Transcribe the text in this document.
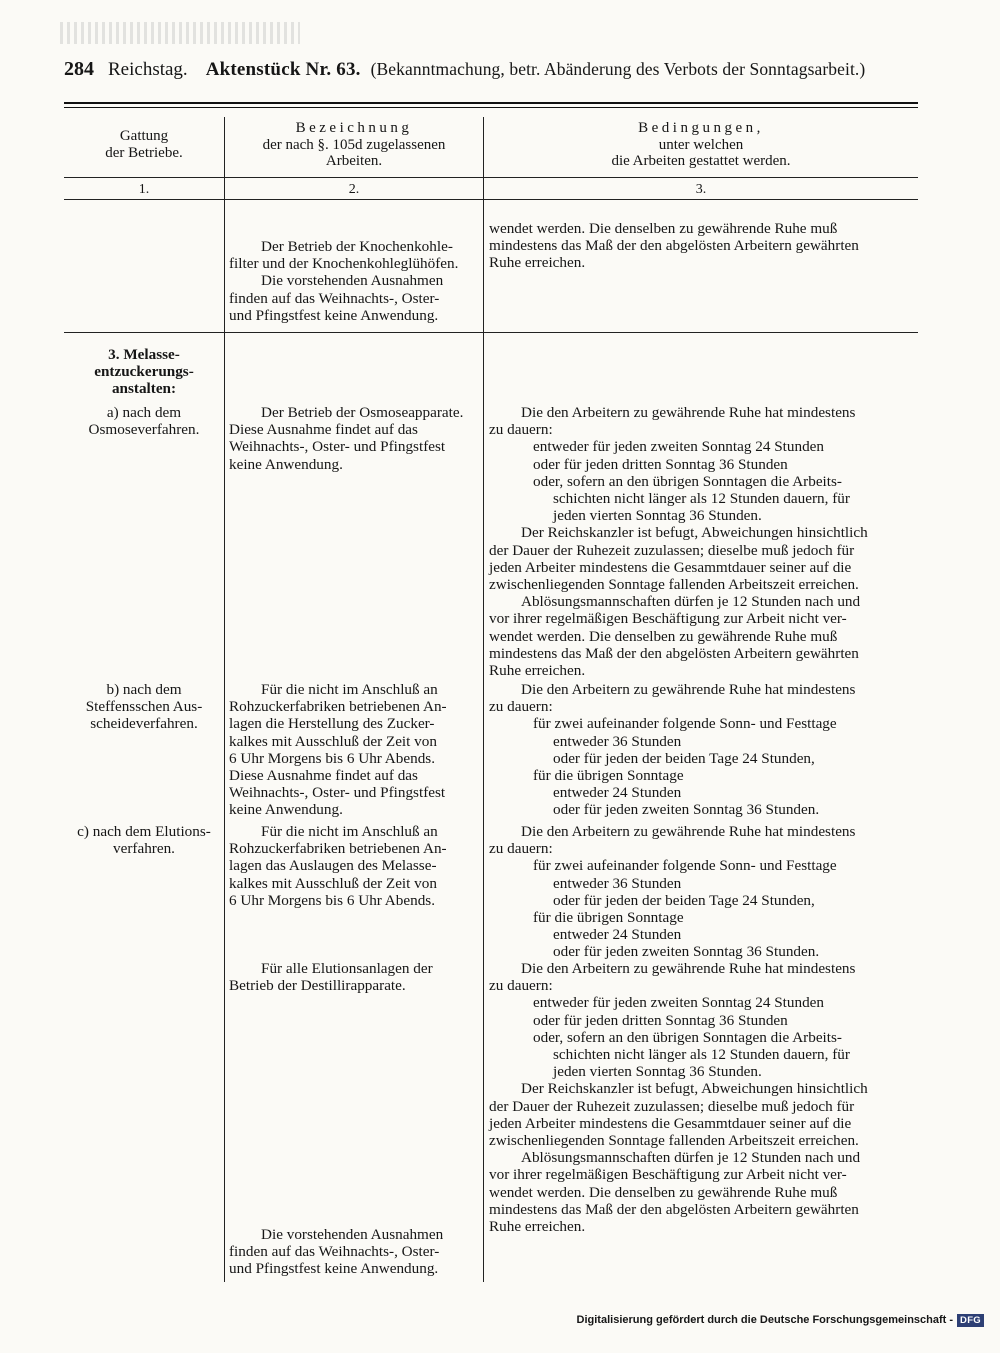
284 Reichstag. Aktenstück Nr. 63. (Bekanntmachung, betr. Abänderung des Verbots der Sonntagsarbeit.)
Gattung
der Betriebe.
Bezeichnung
der nach §. 105d zugelassenen
Arbeiten.
Bedingungen,
unter welchen
die Arbeiten gestattet werden.
1.	2.	3.
Der Betrieb der Knochenkohle-
filter und der Knochenkohleglühöfen.
Die vorstehenden Ausnahmen
finden auf das Weihnachts-, Oster-
und Pfingstfest keine Anwendung.
wendet werden. Die denselben zu gewährende Ruhe muß
mindestens das Maß der den abgelösten Arbeitern gewährten
Ruhe erreichen.
3. Melasse-
entzuckerungs-
anstalten:
a) nach dem
Osmoseverfahren.
Der Betrieb der Osmoseapparate.
Diese Ausnahme findet auf das
Weihnachts-, Oster- und Pfingstfest
keine Anwendung.
Die den Arbeitern zu gewährende Ruhe hat mindestens
zu dauern:
entweder für jeden zweiten Sonntag 24 Stunden
oder für jeden dritten Sonntag 36 Stunden
oder, sofern an den übrigen Sonntagen die Arbeits-
schichten nicht länger als 12 Stunden dauern, für
jeden vierten Sonntag 36 Stunden.
Der Reichskanzler ist befugt, Abweichungen hinsichtlich
der Dauer der Ruhezeit zuzulassen; dieselbe muß jedoch für
jeden Arbeiter mindestens die Gesammtdauer seiner auf die
zwischenliegenden Sonntage fallenden Arbeitszeit erreichen.
Ablösungsmannschaften dürfen je 12 Stunden nach und
vor ihrer regelmäßigen Beschäftigung zur Arbeit nicht ver-
wendet werden. Die denselben zu gewährende Ruhe muß
mindestens das Maß der den abgelösten Arbeitern gewährten
Ruhe erreichen.
b) nach dem
Steffensschen Aus-
scheideverfahren.
Für die nicht im Anschluß an
Rohzuckerfabriken betriebenen An-
lagen die Herstellung des Zucker-
kalkes mit Ausschluß der Zeit von
6 Uhr Morgens bis 6 Uhr Abends.
Diese Ausnahme findet auf das
Weihnachts-, Oster- und Pfingstfest
keine Anwendung.
Die den Arbeitern zu gewährende Ruhe hat mindestens
zu dauern:
für zwei aufeinander folgende Sonn- und Festtage
entweder 36 Stunden
oder für jeden der beiden Tage 24 Stunden,
für die übrigen Sonntage
entweder 24 Stunden
oder für jeden zweiten Sonntag 36 Stunden.
c) nach dem Elutions-
verfahren.
Für die nicht im Anschluß an
Rohzuckerfabriken betriebenen An-
lagen das Auslaugen des Melasse-
kalkes mit Ausschluß der Zeit von
6 Uhr Morgens bis 6 Uhr Abends.
Die den Arbeitern zu gewährende Ruhe hat mindestens
zu dauern:
für zwei aufeinander folgende Sonn- und Festtage
entweder 36 Stunden
oder für jeden der beiden Tage 24 Stunden,
für die übrigen Sonntage
entweder 24 Stunden
oder für jeden zweiten Sonntag 36 Stunden.
Für alle Elutionsanlagen der
Betrieb der Destillirapparate.
Die den Arbeitern zu gewährende Ruhe hat mindestens
zu dauern:
entweder für jeden zweiten Sonntag 24 Stunden
oder für jeden dritten Sonntag 36 Stunden
oder, sofern an den übrigen Sonntagen die Arbeits-
schichten nicht länger als 12 Stunden dauern, für
jeden vierten Sonntag 36 Stunden.
Der Reichskanzler ist befugt, Abweichungen hinsichtlich
der Dauer der Ruhezeit zuzulassen; dieselbe muß jedoch für
jeden Arbeiter mindestens die Gesammtdauer seiner auf die
zwischenliegenden Sonntage fallenden Arbeitszeit erreichen.
Ablösungsmannschaften dürfen je 12 Stunden nach und
vor ihrer regelmäßigen Beschäftigung zur Arbeit nicht ver-
wendet werden. Die denselben zu gewährende Ruhe muß
mindestens das Maß der den abgelösten Arbeitern gewährten
Ruhe erreichen.
Die vorstehenden Ausnahmen
finden auf das Weihnachts-, Oster-
und Pfingstfest keine Anwendung.
Digitalisierung gefördert durch die Deutsche Forschungsgemeinschaft - DFG
